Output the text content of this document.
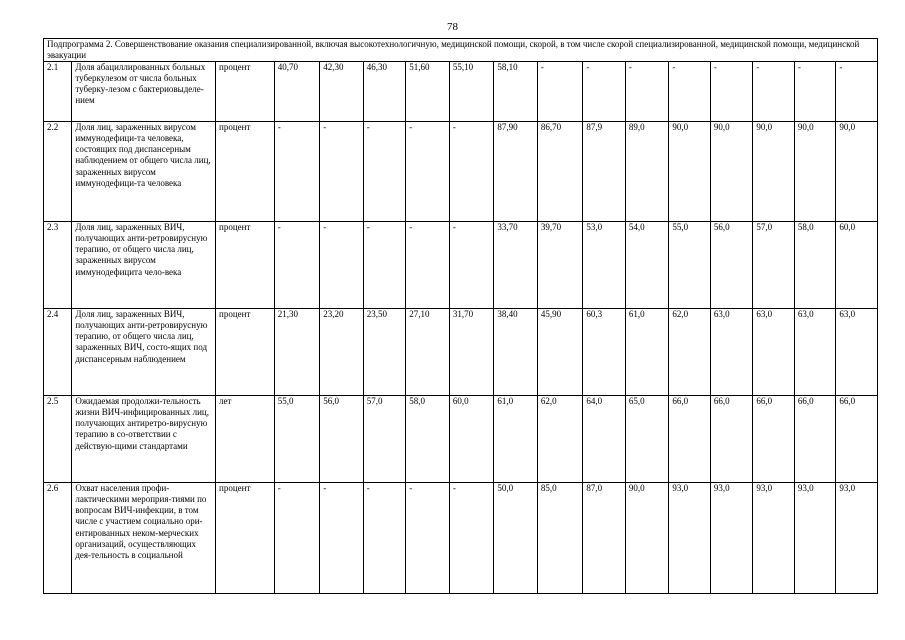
78
Подпрограмма 2. Совершенствование оказания специализированной, включая высокотехнологичную, медицинской помощи, скорой, в том числе скорой специализированной, медицинской помощи, медицинской эвакуации																
2.1	Доля абациллированных больных туберкулезом от числа больных туберку-лезом с бактериовыделе-нием	процент	40,70	42,30	46,30	51,60	55,10	58,10	-	-	-	-	-	-	-	-
2.2	Доля лиц, зараженных вирусом иммунодефици-та человека, состоящих под диспансерным наблюдением от общего числа лиц, зараженных вирусом иммунодефици-та человека	процент	-	-	-	-	-	87,90	86,70	87,9	89,0	90,0	90,0	90,0	90,0	90,0
2.3	Доля лиц, зараженных ВИЧ, получающих анти-ретровирусную терапию, от общего числа лиц, зараженных вирусом иммунодефицита чело-века	процент	-	-	-	-	-	33,70	39,70	53,0	54,0	55,0	56,0	57,0	58,0	60,0
2.4	Доля лиц, зараженных ВИЧ, получающих анти-ретровирусную терапию, от общего числа лиц, зараженных ВИЧ, состо-ящих под диспансерным наблюдением	процент	21,30	23,20	23,50	27,10	31,70	38,40	45,90	60,3	61,0	62,0	63,0	63,0	63,0	63,0
2.5	Ожидаемая продолжи-тельность жизни ВИЧ-инфицированных лиц, получающих антиретро-вирусную терапию в со-ответствии с действую-щими стандартами	лет	55,0	56,0	57,0	58,0	60,0	61,0	62,0	64,0	65,0	66,0	66,0	66,0	66,0	66,0
2.6	Охват населения профи-лактическими мероприя-тиями по вопросам ВИЧ-инфекции, в том числе с участием социально ори-ентированных неком-мерческих организаций, осуществляющих дея-тельность в социальной	процент	-	-	-	-	-	50,0	85,0	87,0	90,0	93,0	93,0	93,0	93,0	93,0
